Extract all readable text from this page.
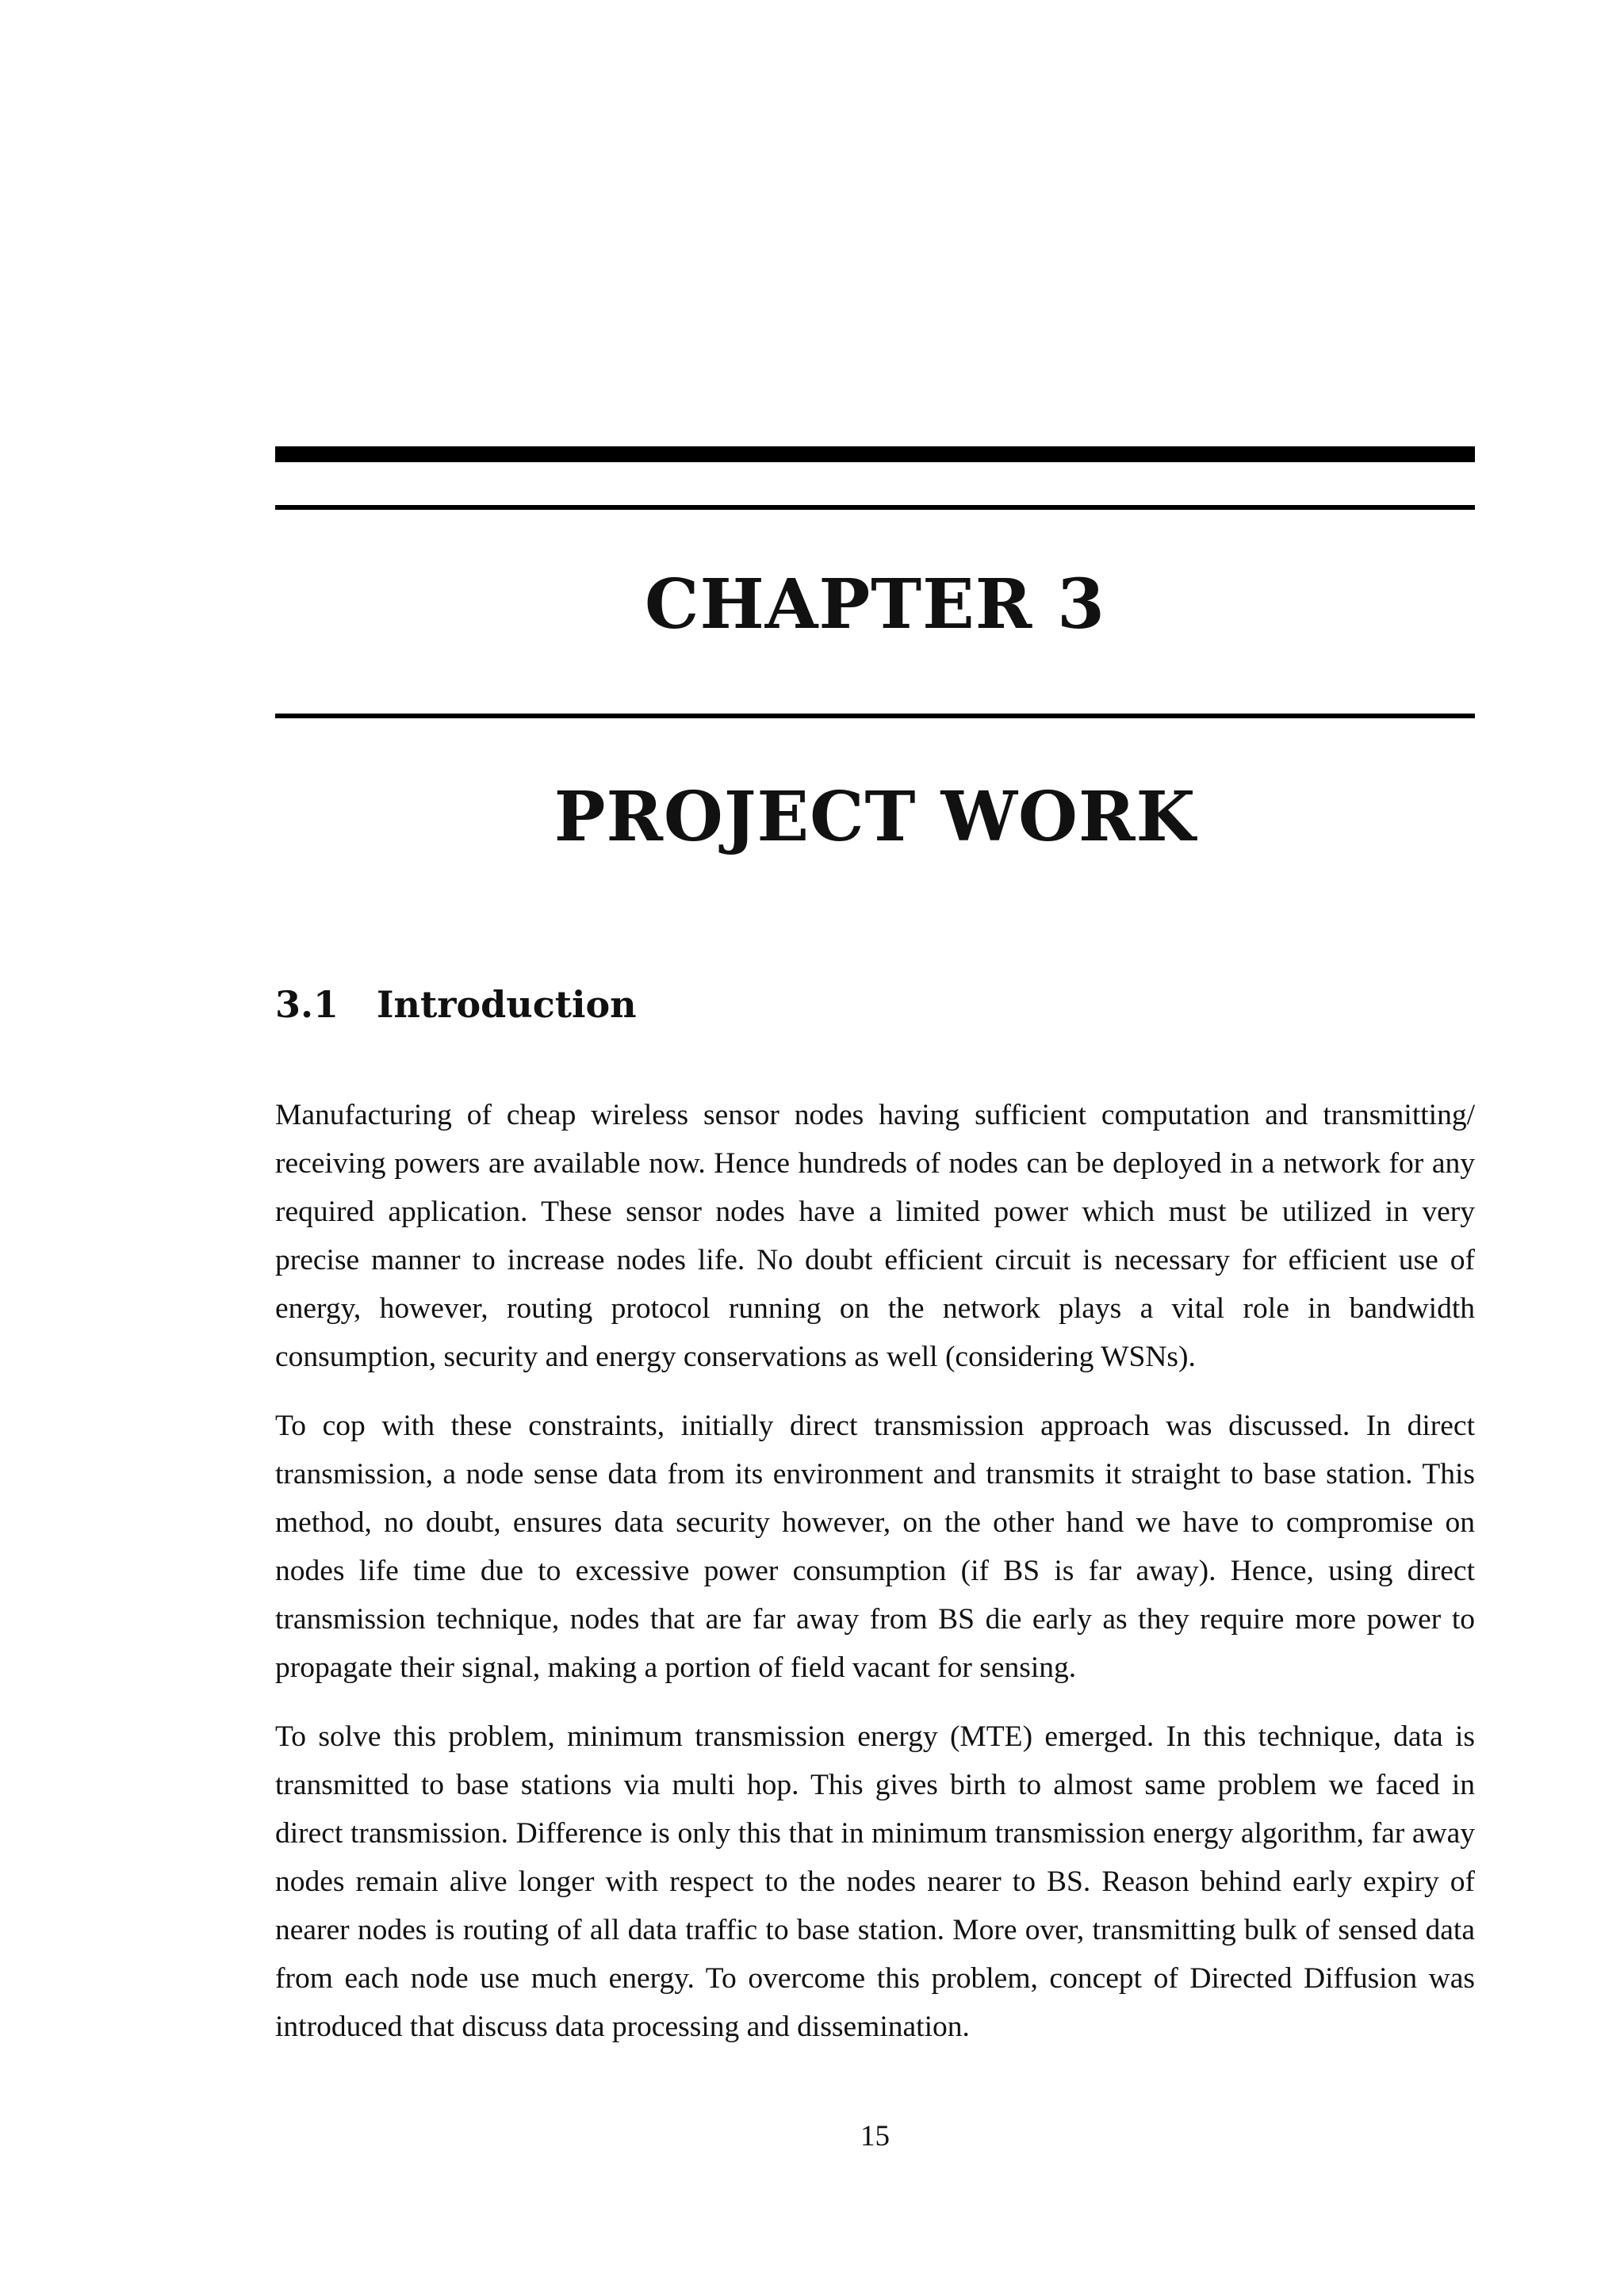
CHAPTER 3
PROJECT WORK
3.1 Introduction

Manufacturing of cheap wireless sensor nodes having sufficient computation and transmitting/ receiving powers are available now. Hence hundreds of nodes can be deployed in a network for any required application. These sensor nodes have a limited power which must be utilized in very precise manner to increase nodes life. No doubt efficient circuit is necessary for efficient use of energy, however, routing protocol running on the network plays a vital role in bandwidth consumption, security and energy conservations as well (considering WSNs).

To cop with these constraints, initially direct transmission approach was discussed. In direct transmission, a node sense data from its environment and transmits it straight to base station. This method, no doubt, ensures data security however, on the other hand we have to compromise on nodes life time due to excessive power consumption (if BS is far away). Hence, using direct transmission technique, nodes that are far away from BS die early as they require more power to propagate their signal, making a portion of field vacant for sensing.

To solve this problem, minimum transmission energy (MTE) emerged. In this technique, data is transmitted to base stations via multi hop. This gives birth to almost same problem we faced in direct transmission. Difference is only this that in minimum transmission energy algorithm, far away nodes remain alive longer with respect to the nodes nearer to BS. Reason behind early expiry of nearer nodes is routing of all data traffic to base station. More over, transmitting bulk of sensed data from each node use much energy. To overcome this problem, concept of Directed Diffusion was introduced that discuss data processing and dissemination.

15
